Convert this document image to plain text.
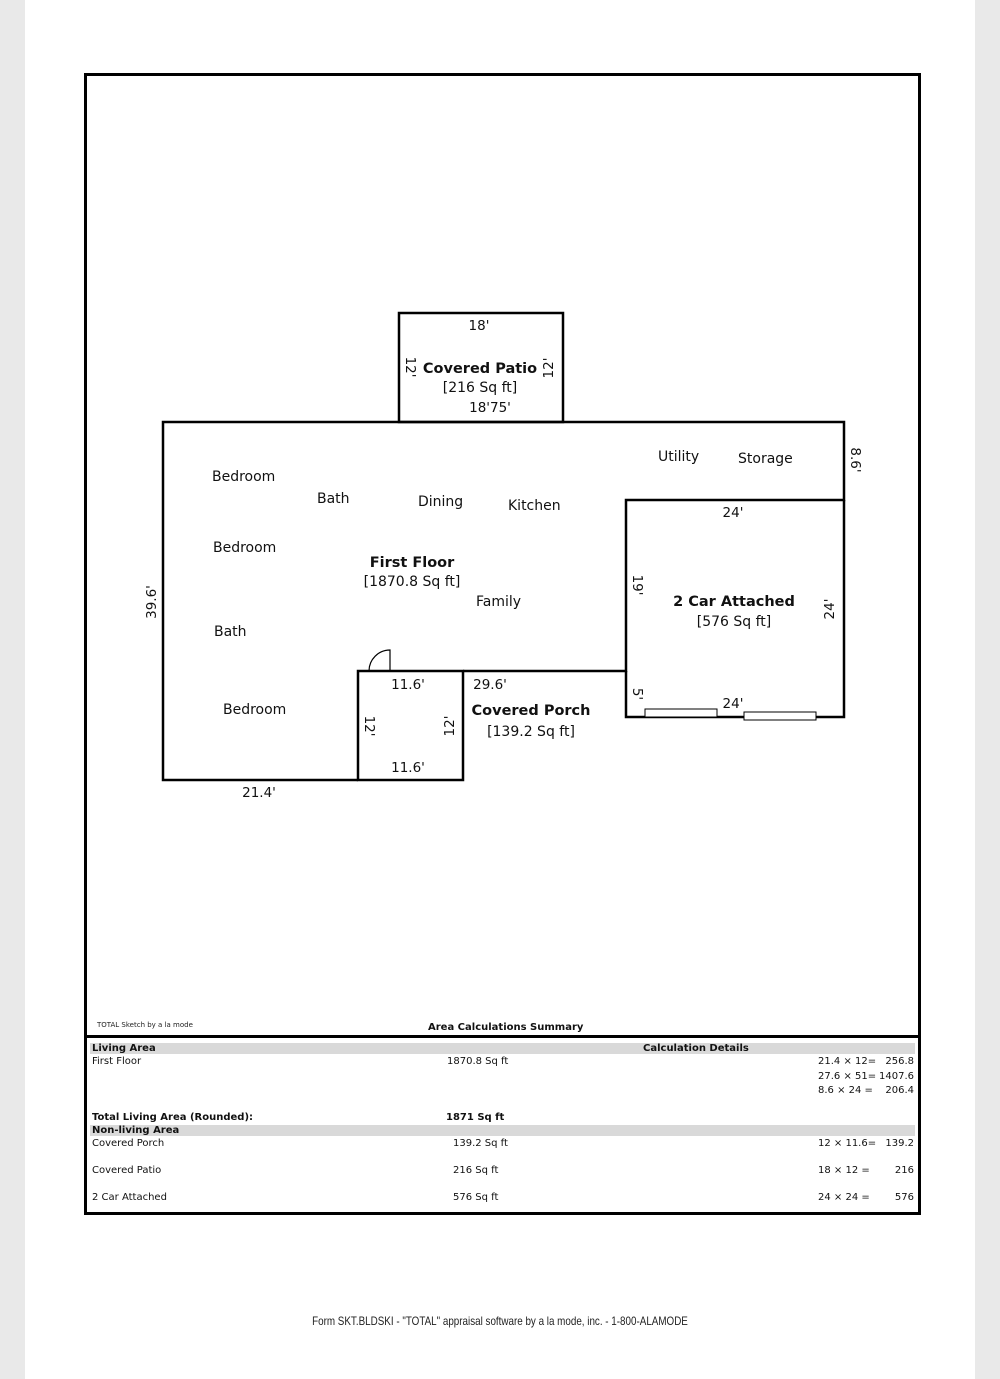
Bedroom
Bath	Dining	Kitchen
Utility	Storage
Bedroom
Family
Bath
Bedroom
First Floor
[1870.8 Sq ft]
Covered Patio
[216 Sq ft]
2 Car Attached
[576 Sq ft]
Covered Porch
[139.2 Sq ft]
18'
18'75'
24'
24'
11.6'	29.6'
11.6'
21.4'
12'	12'
8.6'
19'
24'
5'
39.6'
12'	12'
TOTAL Sketch by a la mode	Area Calculations Summary
Living Area	Calculation Details
First Floor	1870.8 Sq ft	21.4 × 12= 256.8
27.6 × 51= 1407.6
8.6 × 24 =	206.4
Total Living Area (Rounded):	1871 Sq ft
Non-living Area
Covered Porch	139.2 Sq ft	12 × 11.6= 139.2
Covered Patio	216 Sq ft	18 × 12 =	216
2 Car Attached	576 Sq ft	24 × 24 =	576
Form SKT.BLDSKI - "TOTAL" appraisal software by a la mode, inc. - 1-800-ALAMODE
